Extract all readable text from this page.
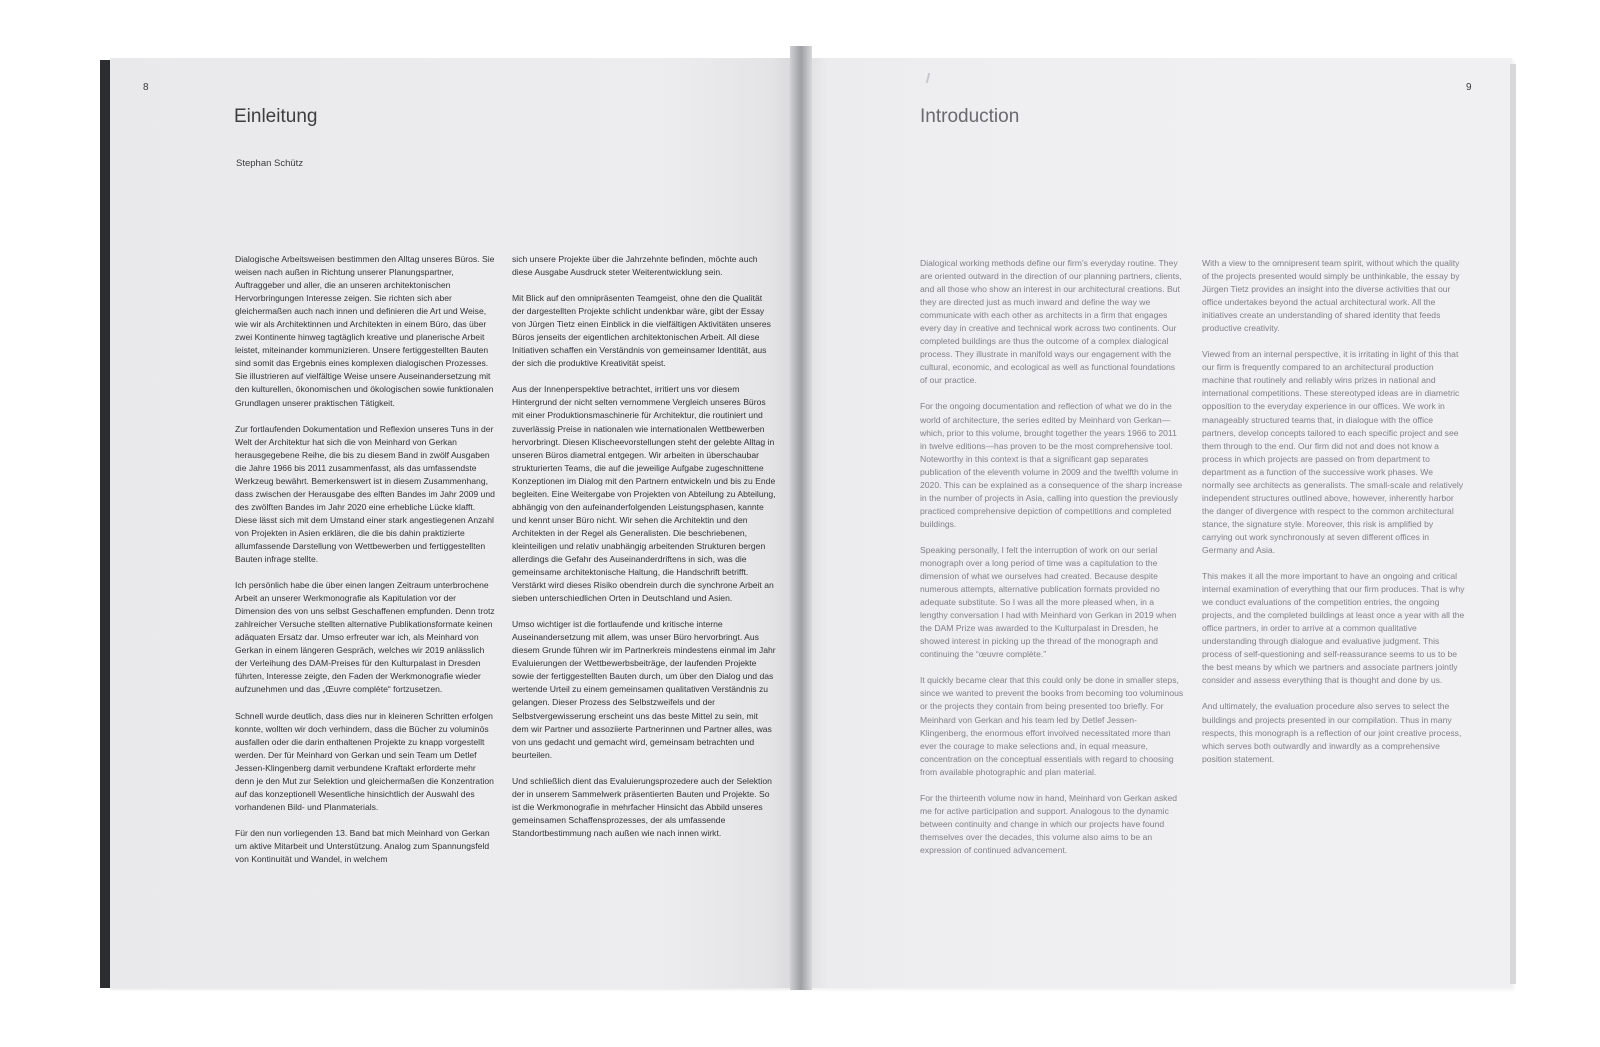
8
Einleitung
Stephan Schütz

Dialogische Arbeitsweisen bestimmen den Alltag unseres Büros. Sie weisen nach außen in Richtung unserer Planungspartner, Auftraggeber und aller, die an unseren architektonischen Hervorbringungen Interesse zeigen. Sie richten sich aber gleichermaßen auch nach innen und definieren die Art und Weise, wie wir als Architektinnen und Architekten in einem Büro, das über zwei Kontinente hinweg tagtäglich kreative und planerische Arbeit leistet, miteinander kommunizieren. Unsere fertiggestellten Bauten sind somit das Ergebnis eines komplexen dialogischen Prozesses. Sie illustrieren auf vielfältige Weise unsere Auseinandersetzung mit den kulturellen, ökonomischen und ökologischen sowie funktionalen Grundlagen unserer praktischen Tätigkeit.

Zur fortlaufenden Dokumentation und Reflexion unseres Tuns in der Welt der Architektur hat sich die von Meinhard von Gerkan herausgegebene Reihe, die bis zu diesem Band in zwölf Ausgaben die Jahre 1966 bis 2011 zusammenfasst, als das umfassendste Werkzeug bewährt. Bemerkenswert ist in diesem Zusammenhang, dass zwischen der Herausgabe des elften Bandes im Jahr 2009 und des zwölften Bandes im Jahr 2020 eine erhebliche Lücke klafft. Diese lässt sich mit dem Umstand einer stark angestiegenen Anzahl von Projekten in Asien erklären, die die bis dahin praktizierte allumfassende Darstellung von Wettbewerben und fertiggestellten Bauten infrage stellte.

Ich persönlich habe die über einen langen Zeitraum unterbrochene Arbeit an unserer Werkmonografie als Kapitulation vor der Dimension des von uns selbst Geschaffenen empfunden. Denn trotz zahlreicher Versuche stellten alternative Publikationsformate keinen adäquaten Ersatz dar. Umso erfreuter war ich, als Meinhard von Gerkan in einem längeren Gespräch, welches wir 2019 anlässlich der Verleihung des DAM-Preises für den Kulturpalast in Dresden führten, Interesse zeigte, den Faden der Werkmonografie wieder aufzunehmen und das „Œuvre complète“ fortzusetzen.

Schnell wurde deutlich, dass dies nur in kleineren Schritten erfolgen konnte, wollten wir doch verhindern, dass die Bücher zu voluminös ausfallen oder die darin enthaltenen Projekte zu knapp vorgestellt werden. Der für Meinhard von Gerkan und sein Team um Detlef Jessen-Klingenberg damit verbundene Kraftakt erforderte mehr denn je den Mut zur Selektion und gleichermaßen die Konzentration auf das konzeptionell Wesentliche hinsichtlich der Auswahl des vorhandenen Bild- und Planmaterials.

Für den nun vorliegenden 13. Band bat mich Meinhard von Gerkan um aktive Mitarbeit und Unterstützung. Analog zum Spannungsfeld von Kontinuität und Wandel, in welchem

sich unsere Projekte über die Jahrzehnte befinden, möchte auch diese Ausgabe Ausdruck steter Weiterentwicklung sein.

Mit Blick auf den omnipräsenten Teamgeist, ohne den die Qualität der dargestellten Projekte schlicht undenkbar wäre, gibt der Essay von Jürgen Tietz einen Einblick in die vielfältigen Aktivitäten unseres Büros jenseits der eigentlichen architektonischen Arbeit. All diese Initiativen schaffen ein Verständnis von gemeinsamer Identität, aus der sich die produktive Kreativität speist.

Aus der Innenperspektive betrachtet, irritiert uns vor diesem Hintergrund der nicht selten vernommene Vergleich unseres Büros mit einer Produktionsmaschinerie für Architektur, die routiniert und zuverlässig Preise in nationalen wie internationalen Wettbewerben hervorbringt. Diesen Klischeevorstellungen steht der gelebte Alltag in unseren Büros diametral entgegen. Wir arbeiten in überschaubar strukturierten Teams, die auf die jeweilige Aufgabe zugeschnittene Konzeptionen im Dialog mit den Partnern entwickeln und bis zu Ende begleiten. Eine Weitergabe von Projekten von Abteilung zu Abteilung, abhängig von den aufeinanderfolgenden Leistungsphasen, kannte und kennt unser Büro nicht. Wir sehen die Architektin und den Architekten in der Regel als Generalisten. Die beschriebenen, kleinteiligen und relativ unabhängig arbeitenden Strukturen bergen allerdings die Gefahr des Auseinanderdriftens in sich, was die gemeinsame architektonische Haltung, die Handschrift betrifft. Verstärkt wird dieses Risiko obendrein durch die synchrone Arbeit an sieben unterschiedlichen Orten in Deutschland und Asien.

Umso wichtiger ist die fortlaufende und kritische interne Auseinandersetzung mit allem, was unser Büro hervorbringt. Aus diesem Grunde führen wir im Partnerkreis mindestens einmal im Jahr Evaluierungen der Wettbewerbsbeiträge, der laufenden Projekte sowie der fertiggestellten Bauten durch, um über den Dialog und das wertende Urteil zu einem gemeinsamen qualitativen Verständnis zu gelangen. Dieser Prozess des Selbstzweifels und der Selbstvergewisserung erscheint uns das beste Mittel zu sein, mit dem wir Partner und assoziierte Partnerinnen und Partner alles, was von uns gedacht und gemacht wird, gemeinsam betrachten und beurteilen.

Und schließlich dient das Evaluierungsprozedere auch der Selektion der in unserem Sammelwerk präsentierten Bauten und Projekte. So ist die Werkmonografie in mehrfacher Hinsicht das Abbild unseres gemeinsamen Schaffensprozesses, der als umfassende Standortbestimmung nach außen wie nach innen wirkt.

9
Introduction

Dialogical working methods define our firm’s everyday routine. They are oriented outward in the direction of our planning partners, clients, and all those who show an interest in our architectural creations. But they are directed just as much inward and define the way we communicate with each other as architects in a firm that engages every day in creative and technical work across two continents. Our completed buildings are thus the outcome of a complex dialogical process. They illustrate in manifold ways our engagement with the cultural, economic, and ecological as well as functional foundations of our practice.

For the ongoing documentation and reflection of what we do in the world of architecture, the series edited by Meinhard von Gerkan—which, prior to this volume, brought together the years 1966 to 2011 in twelve editions—has proven to be the most comprehensive tool. Noteworthy in this context is that a significant gap separates publication of the eleventh volume in 2009 and the twelfth volume in 2020. This can be explained as a consequence of the sharp increase in the number of projects in Asia, calling into question the previously practiced comprehensive depiction of competitions and completed buildings.

Speaking personally, I felt the interruption of work on our serial monograph over a long period of time was a capitulation to the dimension of what we ourselves had created. Because despite numerous attempts, alternative publication formats provided no adequate substitute. So I was all the more pleased when, in a lengthy conversation I had with Meinhard von Gerkan in 2019 when the DAM Prize was awarded to the Kulturpalast in Dresden, he showed interest in picking up the thread of the monograph and continuing the “œuvre complète.”

It quickly became clear that this could only be done in smaller steps, since we wanted to prevent the books from becoming too voluminous or the projects they contain from being presented too briefly. For Meinhard von Gerkan and his team led by Detlef Jessen-Klingenberg, the enormous effort involved necessitated more than ever the courage to make selections and, in equal measure, concentration on the conceptual essentials with regard to choosing from available photographic and plan material.

For the thirteenth volume now in hand, Meinhard von Gerkan asked me for active participation and support. Analogous to the dynamic between continuity and change in which our projects have found themselves over the decades, this volume also aims to be an expression of continued advancement.

With a view to the omnipresent team spirit, without which the quality of the projects presented would simply be unthinkable, the essay by Jürgen Tietz provides an insight into the diverse activities that our office undertakes beyond the actual architectural work. All the initiatives create an understanding of shared identity that feeds productive creativity.

Viewed from an internal perspective, it is irritating in light of this that our firm is frequently compared to an architectural production machine that routinely and reliably wins prizes in national and international competitions. These stereotyped ideas are in diametric opposition to the everyday experience in our offices. We work in manageably structured teams that, in dialogue with the office partners, develop concepts tailored to each specific project and see them through to the end. Our firm did not and does not know a process in which projects are passed on from department to department as a function of the successive work phases. We normally see architects as generalists. The small-scale and relatively independent structures outlined above, however, inherently harbor the danger of divergence with respect to the common architectural stance, the signature style. Moreover, this risk is amplified by carrying out work synchronously at seven different offices in Germany and Asia.

This makes it all the more important to have an ongoing and critical internal examination of everything that our firm produces. That is why we conduct evaluations of the competition entries, the ongoing projects, and the completed buildings at least once a year with all the office partners, in order to arrive at a common qualitative understanding through dialogue and evaluative judgment. This process of self-questioning and self-reassurance seems to us to be the best means by which we partners and associate partners jointly consider and assess everything that is thought and done by us.

And ultimately, the evaluation procedure also serves to select the buildings and projects presented in our compilation. Thus in many respects, this monograph is a reflection of our joint creative process, which serves both outwardly and inwardly as a comprehensive position statement.
